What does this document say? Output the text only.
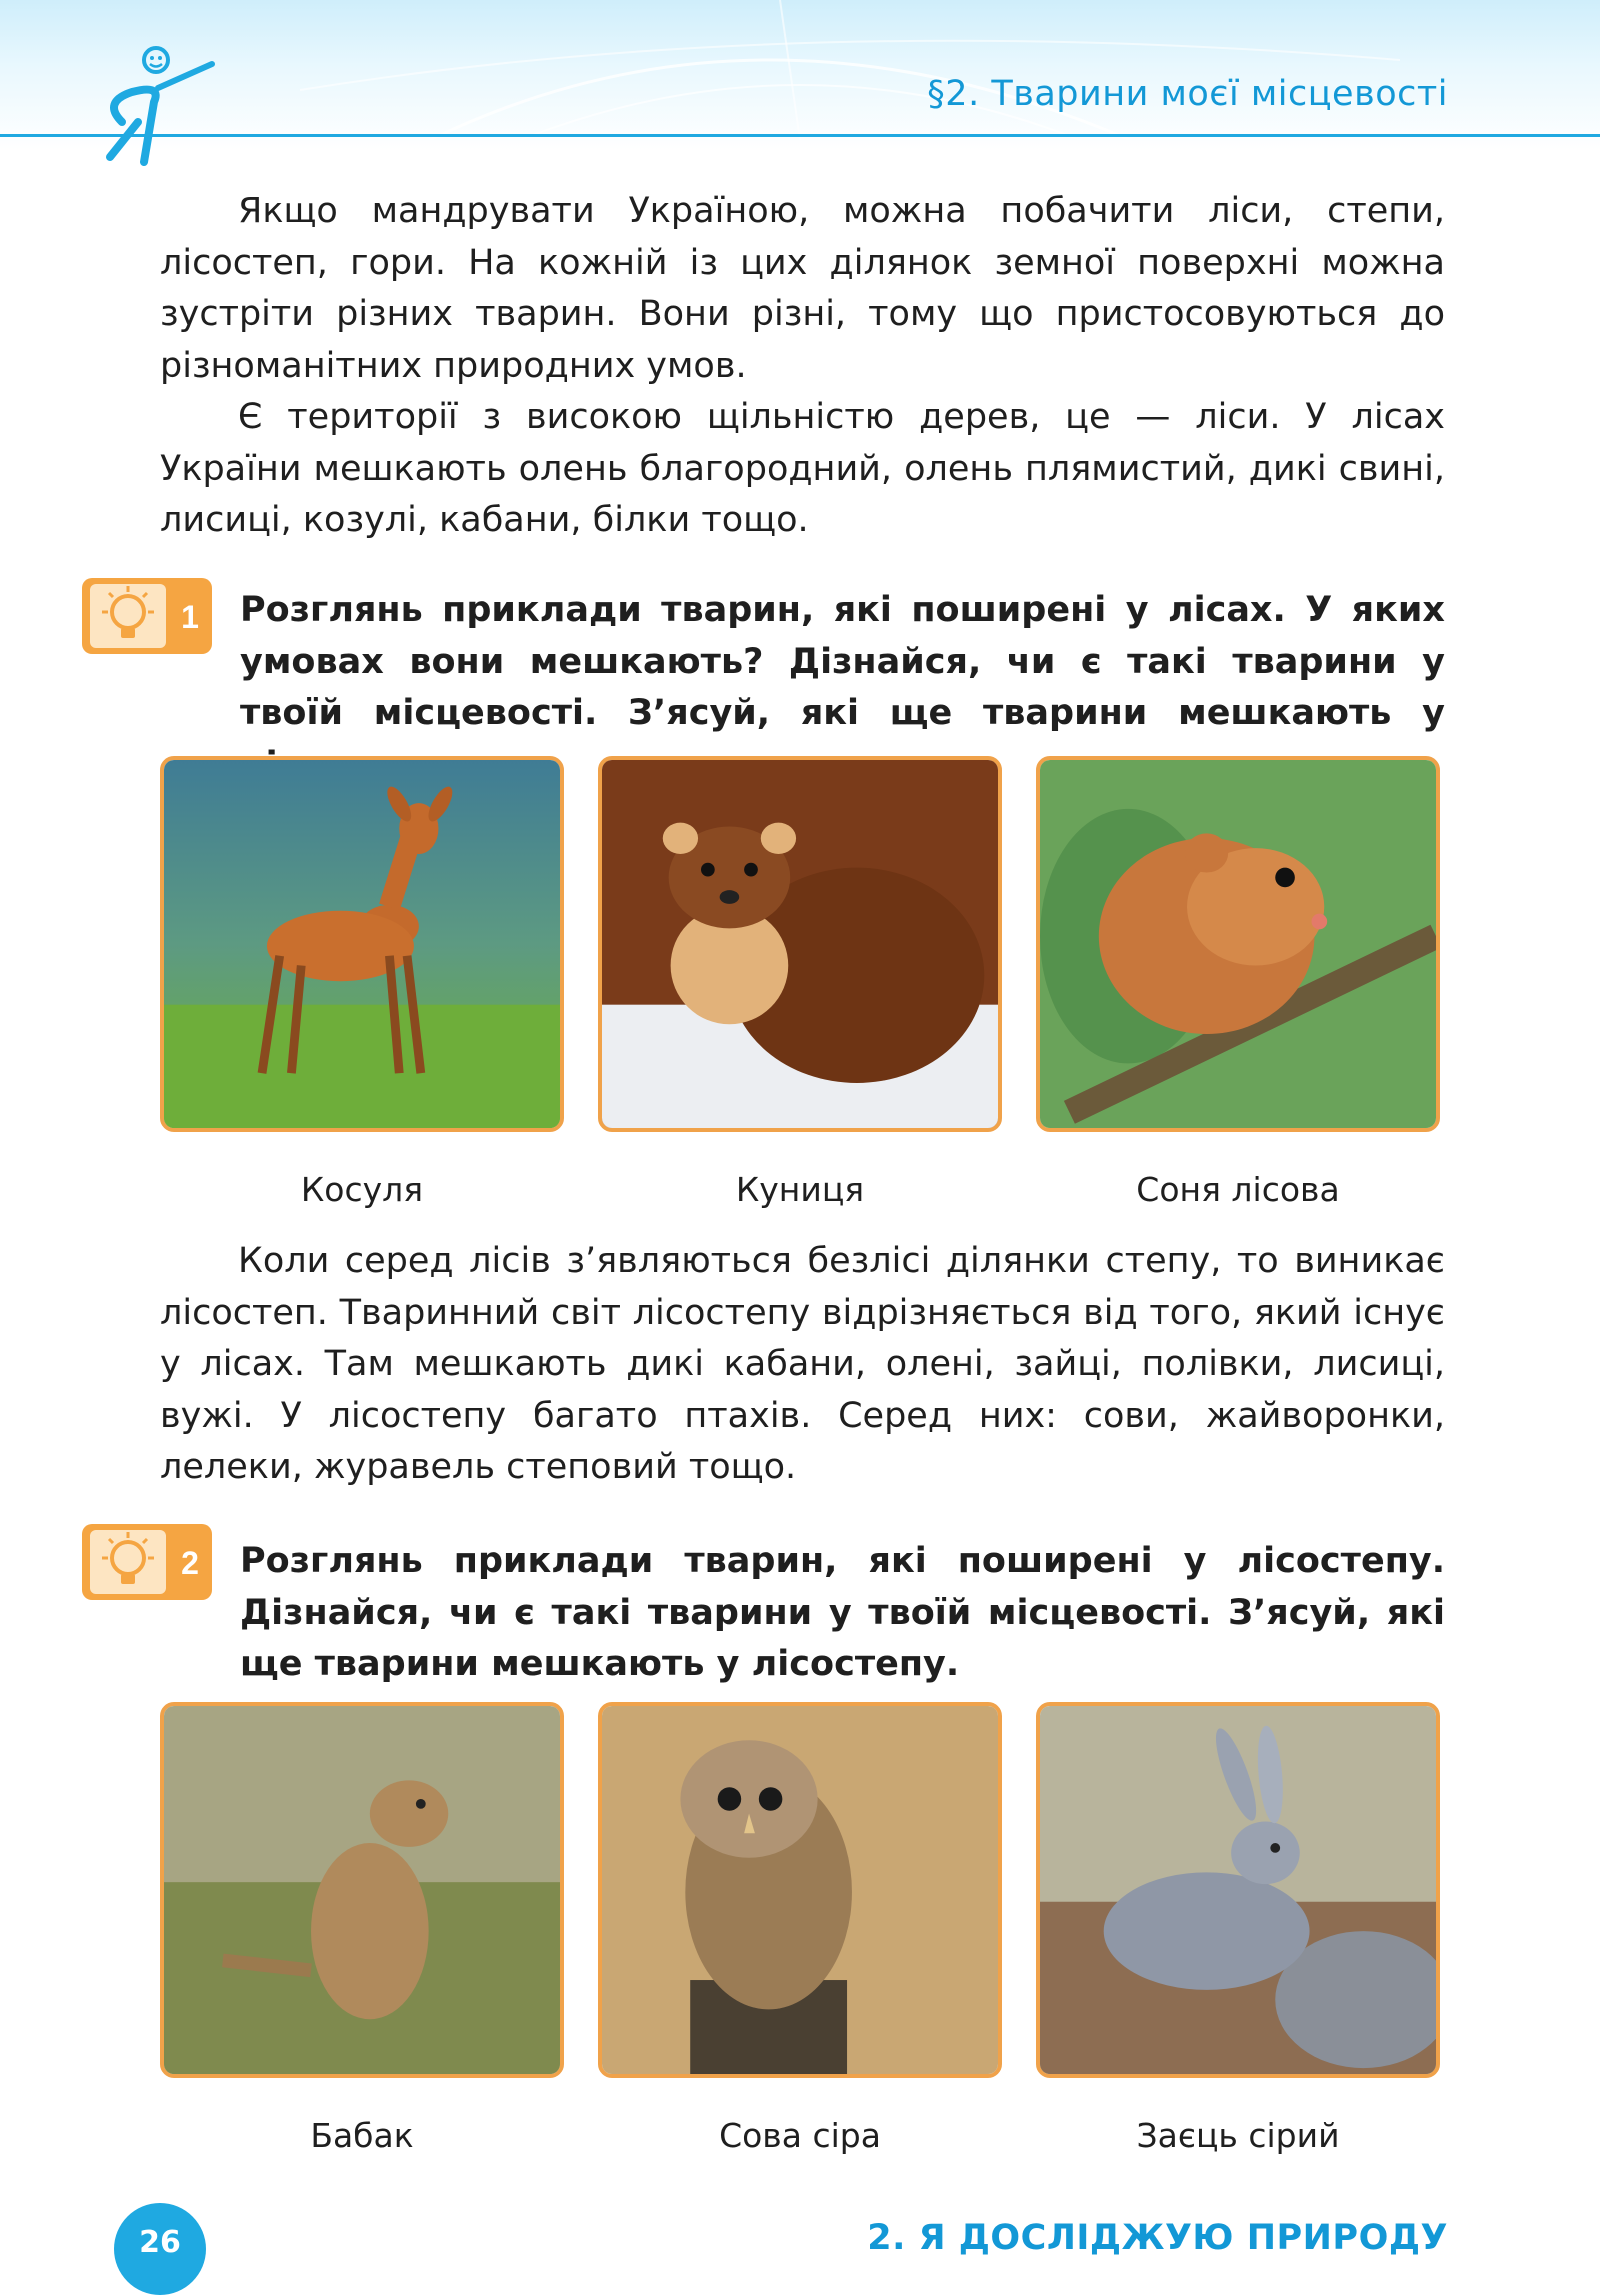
§2. Тварини моєї місцевості

Якщо мандрувати Україною, можна побачити ліси, степи, лісостеп, гори. На кожній із цих ділянок земної поверхні можна зустріти різних тварин. Вони різні, тому що пристосовуються до різноманітних природних умов.

Є території з високою щільністю дерев, це — ліси. У лісах України мешкають олень благородний, олень плямистий, дикі свині, лисиці, козулі, кабани, білки тощо.

1 Розглянь приклади тварин, які поширені у лісах. У яких умовах вони мешкають? Дізнайся, чи є такі тварини у твоїй місцевості. З’ясуй, які ще тварини мешкають у
Косуля	Куниця	Соня лісова

Коли серед лісів з’являються безлісі ділянки степу, то виникає лісостеп. Тваринний світ лісостепу відрізняється від того, який існує у лісах. Там мешкають дикі кабани, олені, зайці, полівки, лисиці, вужі. У лісостепу багато птахів. Серед них: сови, жайворонки, лелеки, журавель степовий тощо.

2 Розглянь приклади тварин, які поширені у лісостепу. Дізнайся, чи є такі тварини у твоїй місцевості. З’ясуй, які ще тварини мешкають у лісостепу.
Бабак	Сова сіра	Заєць сірий
26	2. Я ДОСЛІДЖУЮ ПРИРОДУ
